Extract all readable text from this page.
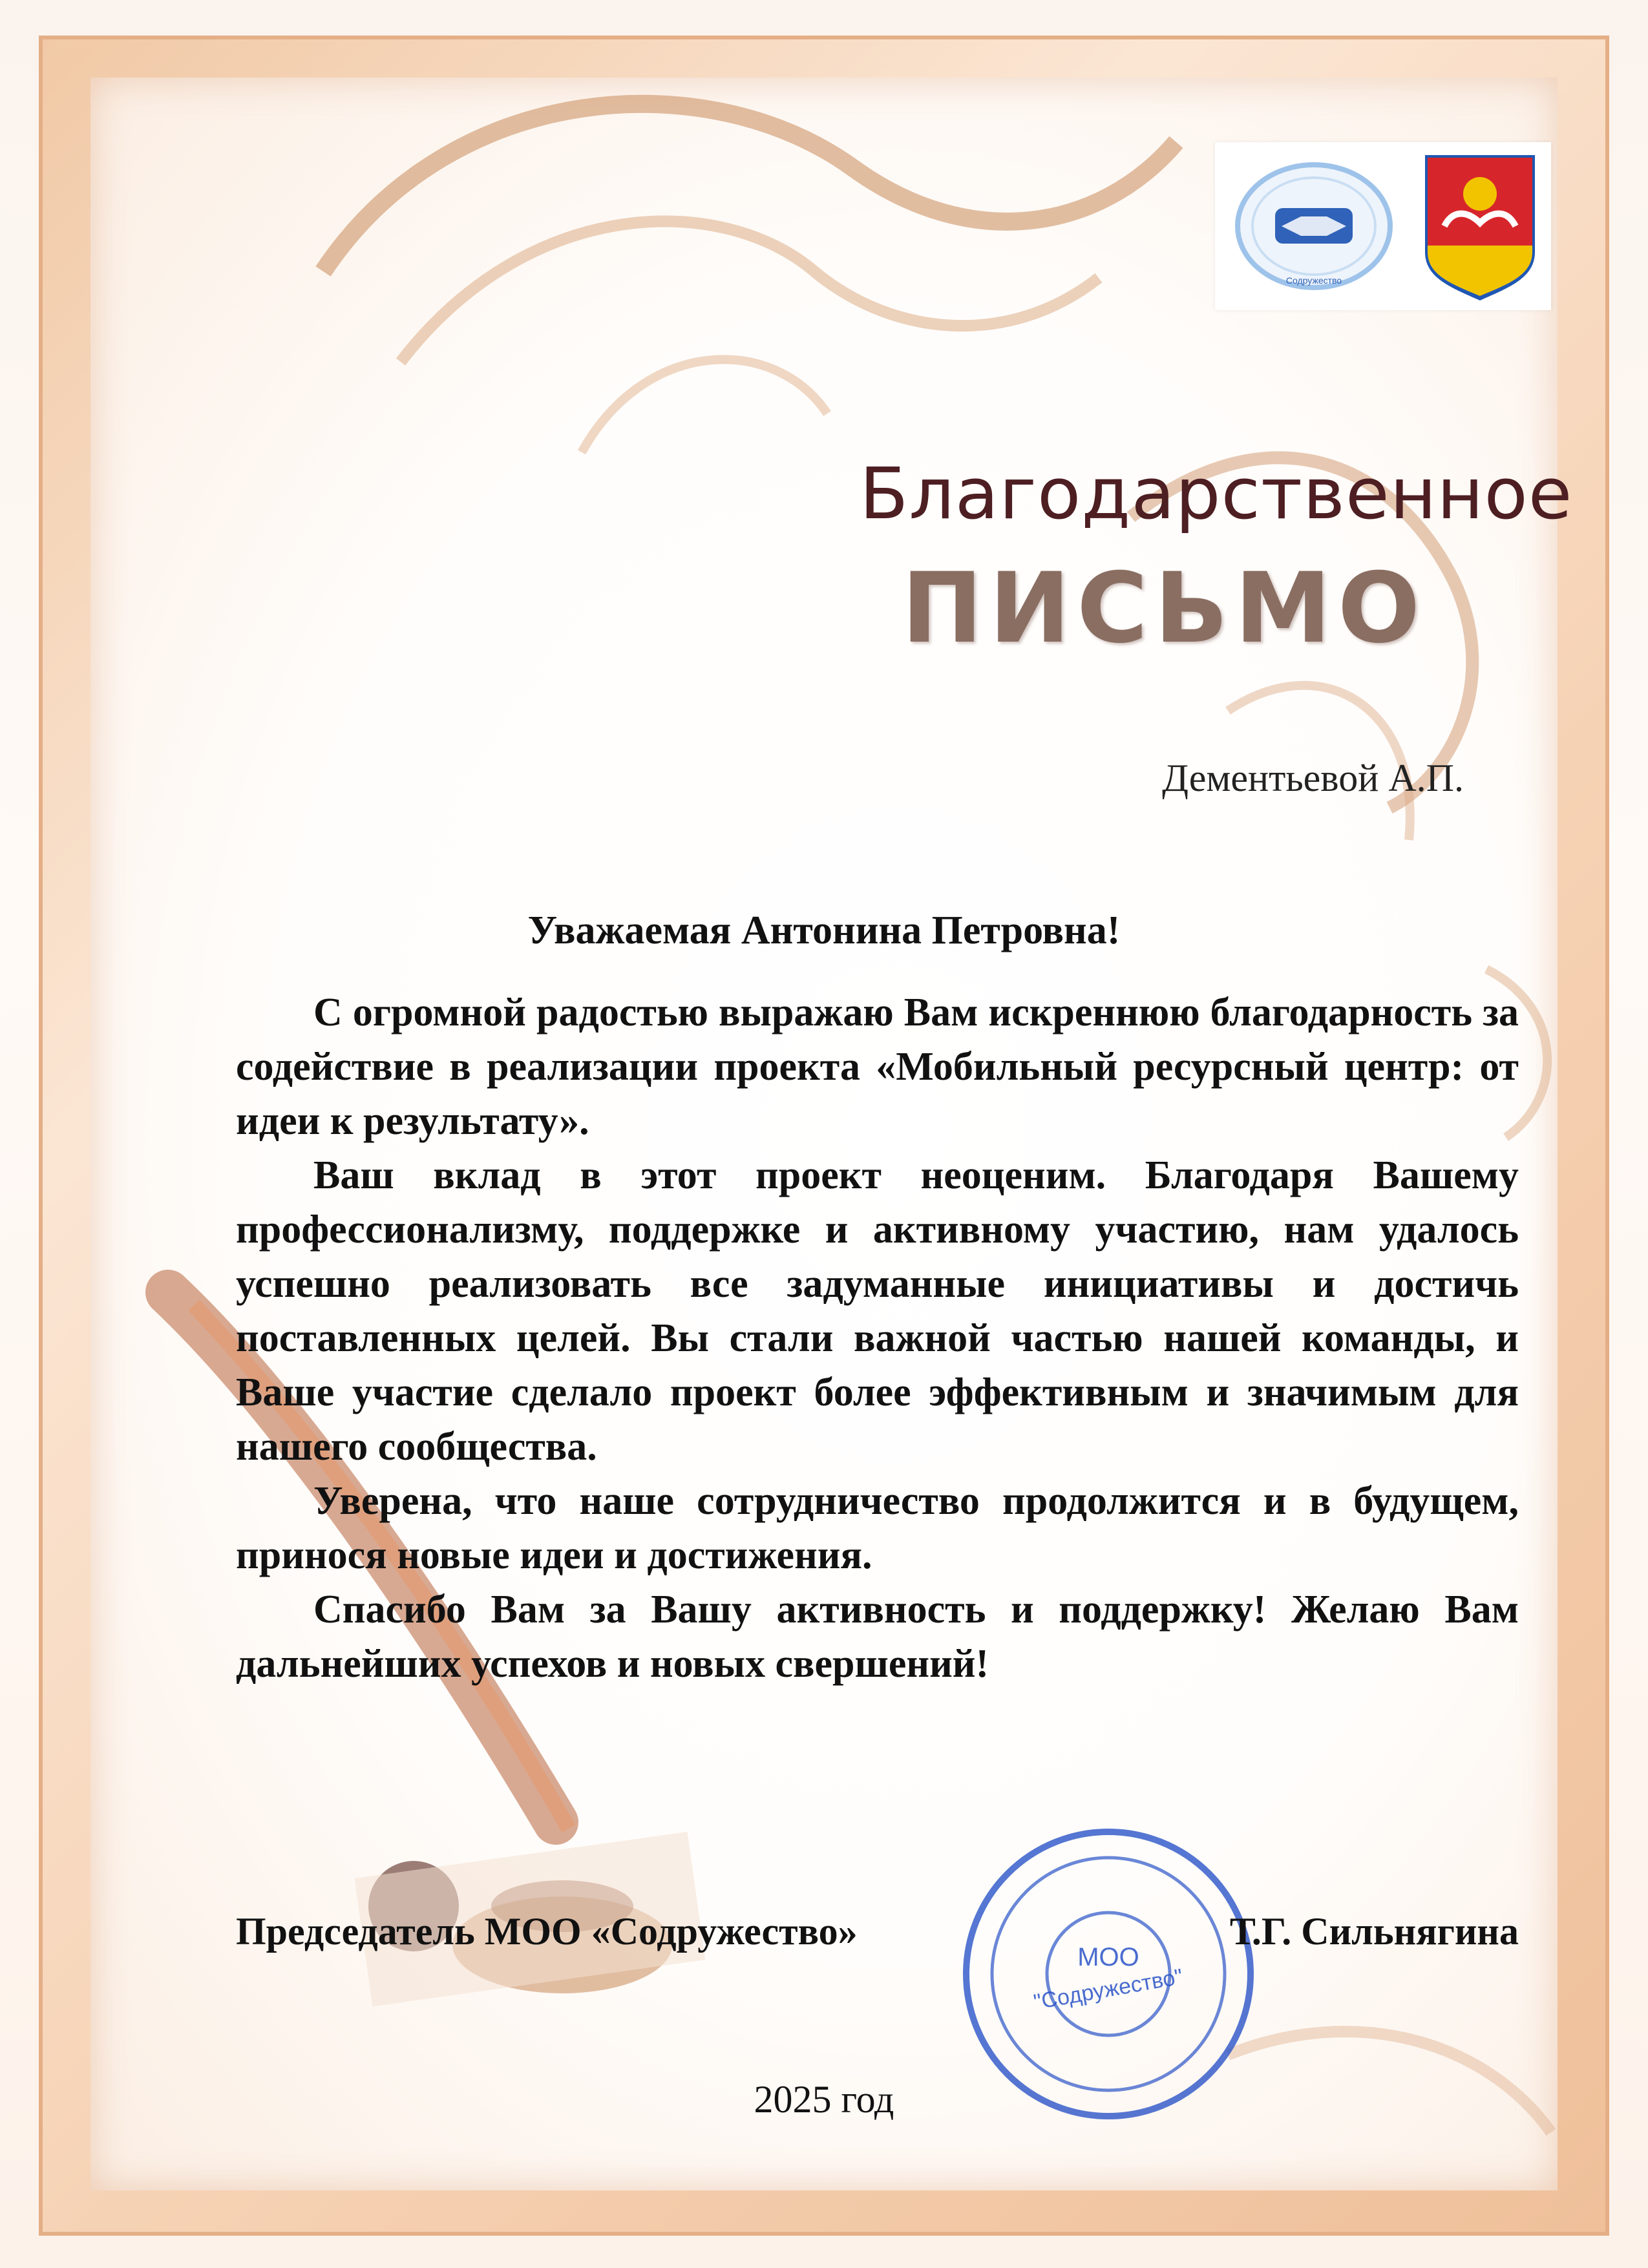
Содружество
Благодарственное
ПИСЬМО
Дементьевой А.П.
Уважаемая Антонина Петровна!

С огромной радостью выражаю Вам искреннюю благодарность за содействие в реализации проекта «Мобильный ресурсный центр: от идеи к результату».

Ваш вклад в этот проект неоценим. Благодаря Вашему профессионализму, поддержке и активному участию, нам удалось успешно реализовать все задуманные инициативы и достичь поставленных целей. Вы стали важной частью нашей команды, и Ваше участие сделало проект более эффективным и значимым для нашего сообщества.

Уверена, что наше сотрудничество продолжится и в будущем, принося новые идеи и достижения.

Спасибо Вам за Вашу активность и поддержку! Желаю Вам дальнейших успехов и новых свершений!

МОО
"Содружество"
Председатель МОО «Содружество»	Т.Г. Сильнягина
2025 год
